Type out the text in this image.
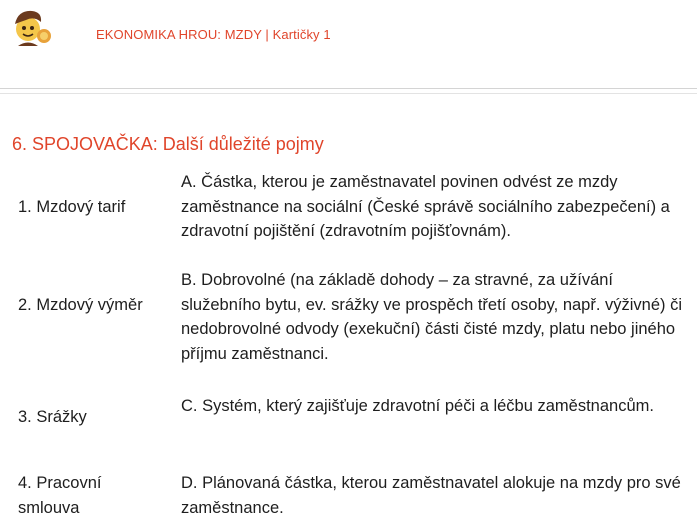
EKONOMIKA HROU: MZDY | Kartičky 1
6. SPOJOVAČKA: Další důležité pojmy
1. Mzdový tarif
2. Mzdový výměr
3. Srážky
4. Pracovní smlouva
A. Částka, kterou je zaměstnavatel povinen odvést ze mzdy zaměstnance na sociální (České správě sociálního zabezpečení) a zdravotní pojištění (zdravotním pojišťovnám).
B. Dobrovolné (na základě dohody – za stravné, za užívání služebního bytu, ev. srážky ve prospěch třetí osoby, např. výživné) či nedobrovolné odvody (exekuční) části čisté mzdy, platu nebo jiného příjmu zaměstnanci.
C. Systém, který zajišťuje zdravotní péči a léčbu zaměstnancům.
D. Plánovaná částka, kterou zaměstnavatel alokuje na mzdy pro své zaměstnance.
